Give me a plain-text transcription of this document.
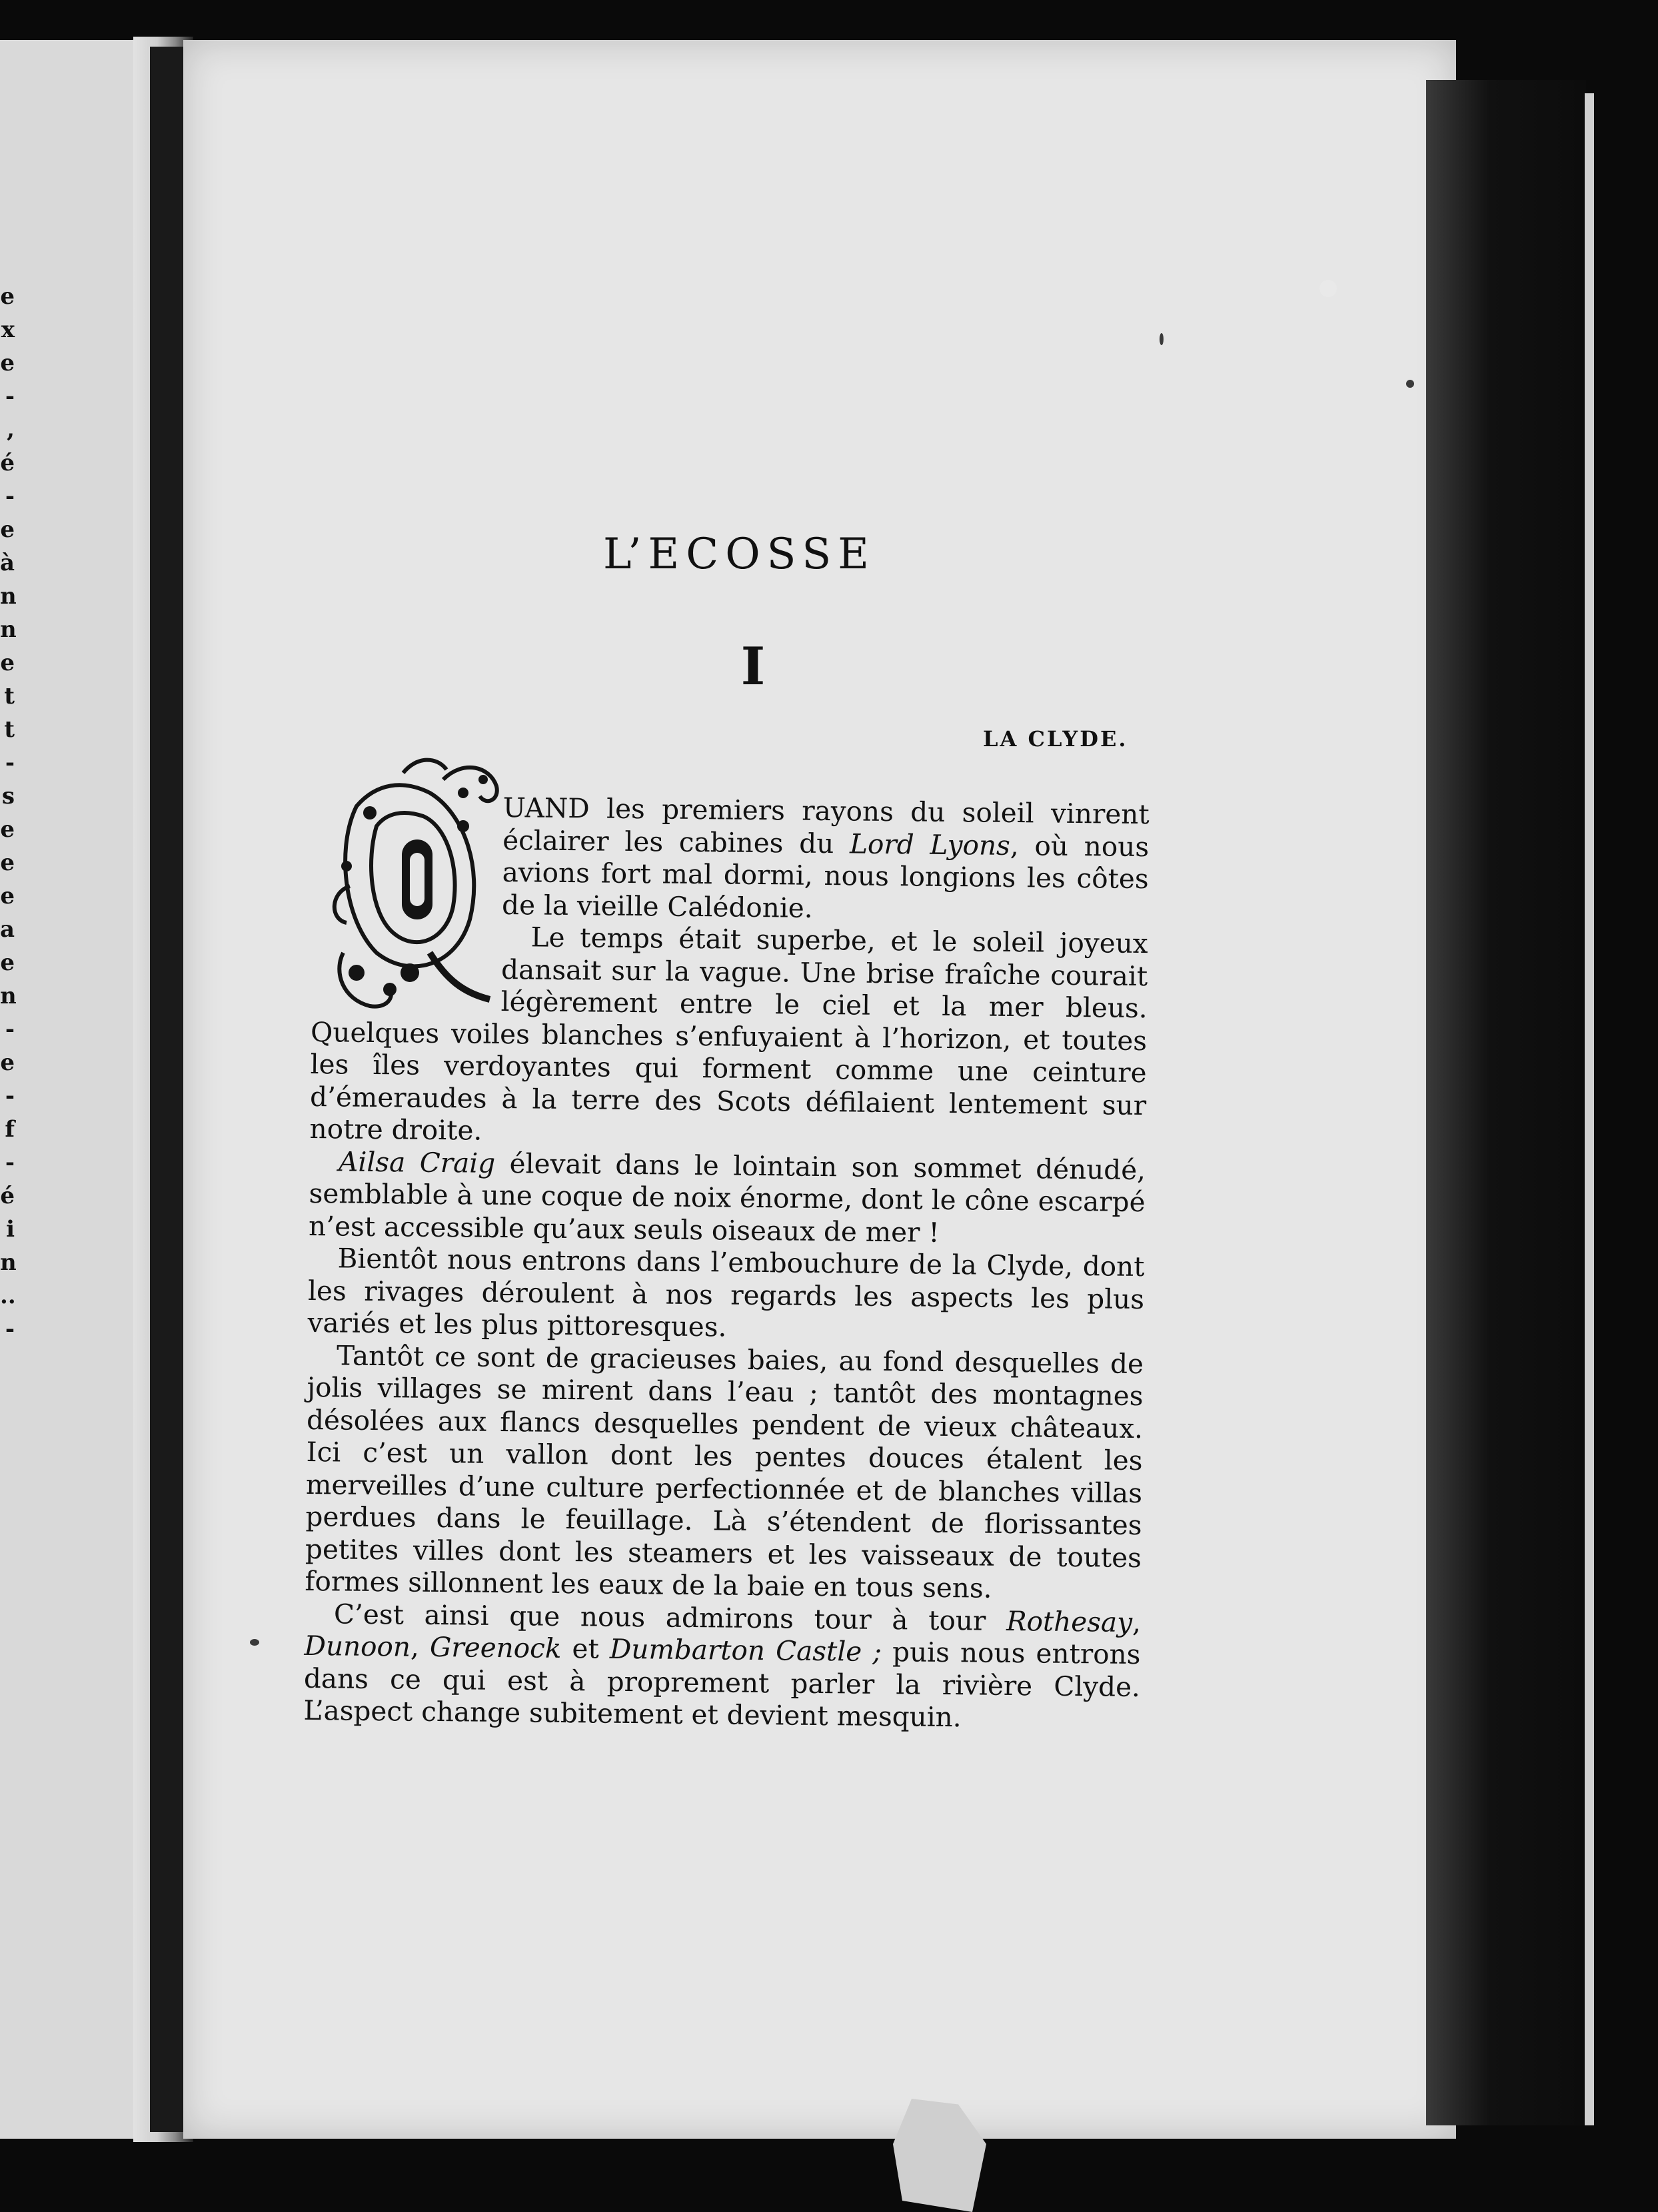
e
x
e
-
,
é
-
e
à
n
n
e
t
t
-
s
e
e
e
a
e
n
-
e
-
f
-
é
i
n
..
-
L’ECOSSE
I
LA CLYDE.

UAND les premiers rayons du soleil vinrent éclairer les cabines du Lord Lyons, où nous avions fort mal dormi, nous longions les côtes de la vieille Calédonie.

Le temps était superbe, et le soleil joyeux dansait sur la vague. Une brise fraîche courait légèrement entre le ciel et la mer bleus. Quelques voiles blanches s’enfuyaient à l’horizon, et toutes les îles verdoyantes qui forment comme une ceinture d’émeraudes à la terre des Scots défilaient lentement sur notre droite.

Ailsa Craig élevait dans le lointain son sommet dénudé, semblable à une coque de noix énorme, dont le cône escarpé n’est accessible qu’aux seuls oiseaux de mer !

Bientôt nous entrons dans l’embouchure de la Clyde, dont les rivages déroulent à nos regards les aspects les plus variés et les plus pittoresques.

Tantôt ce sont de gracieuses baies, au fond desquelles de jolis villages se mirent dans l’eau ; tantôt des montagnes désolées aux flancs desquelles pendent de vieux châteaux. Ici c’est un vallon dont les pentes douces étalent les merveilles d’une culture perfectionnée et de blanches villas perdues dans le feuillage. Là s’étendent de florissantes petites villes dont les steamers et les vaisseaux de toutes formes sillonnent les eaux de la baie en tous sens.

C’est ainsi que nous admirons tour à tour Rothesay, Dunoon, Greenock et Dumbarton Castle ; puis nous entrons dans ce qui est à proprement parler la rivière Clyde. L’aspect change subitement et devient mesquin.
